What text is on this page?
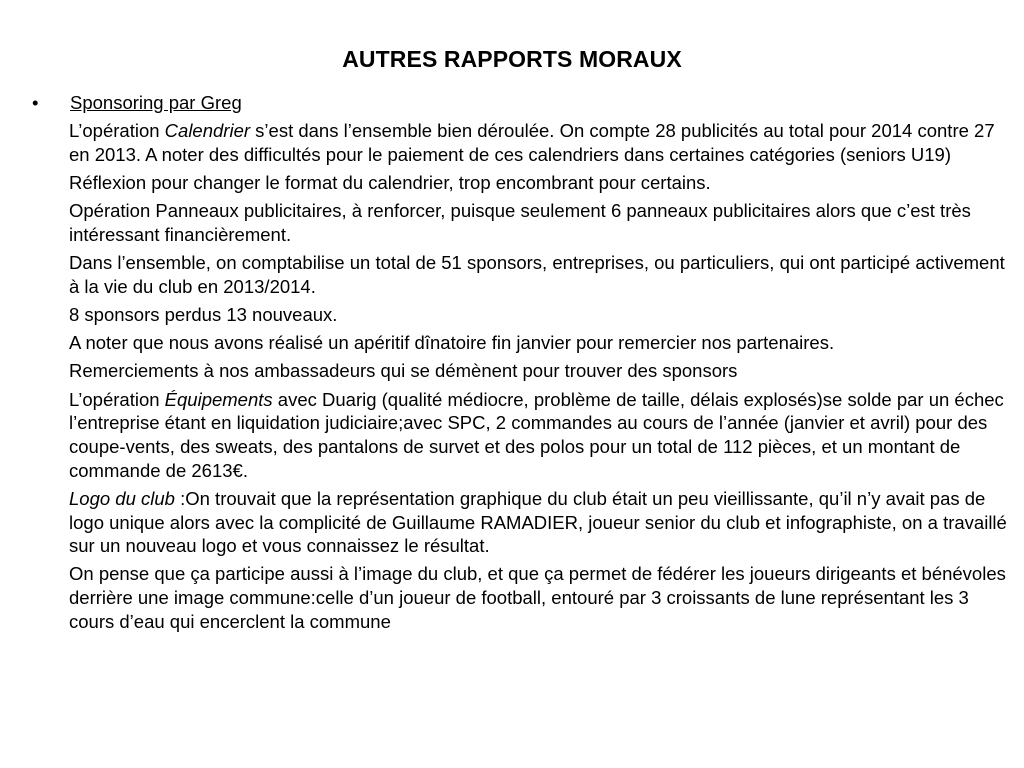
AUTRES RAPPORTS MORAUX
• Sponsoring par Greg

L’opération Calendrier s’est dans l’ensemble bien déroulée. On compte 28 publicités au total pour 2014 contre 27 en 2013. A noter des difficultés pour le paiement de ces calendriers dans certaines catégories (seniors U19)

Réflexion pour changer le format du calendrier, trop encombrant pour certains.

Opération Panneaux publicitaires, à renforcer, puisque seulement 6 panneaux publicitaires alors que c’est très intéressant financièrement.

Dans l’ensemble, on comptabilise un total de 51 sponsors, entreprises, ou particuliers, qui ont participé activement à la vie du club en 2013/2014.

8 sponsors perdus 13 nouveaux.

A noter que nous avons réalisé un apéritif dînatoire fin janvier pour remercier nos partenaires.

Remerciements à nos ambassadeurs qui se démènent pour trouver des sponsors

L’opération Équipements avec Duarig (qualité médiocre, problème de taille, délais explosés)se solde par un échec l’entreprise étant en liquidation judiciaire;avec SPC, 2 commandes au cours de l’année (janvier et avril) pour des coupe-vents, des sweats, des pantalons de survet et des polos pour un total de 112 pièces, et un montant de commande de 2613€.

Logo du club :On trouvait que la représentation graphique du club était un peu vieillissante, qu’il n’y avait pas de logo unique alors avec la complicité de Guillaume RAMADIER, joueur senior du club et infographiste, on a travaillé sur un nouveau logo et vous connaissez le résultat.

On pense que ça participe aussi à l’image du club, et que ça permet de fédérer les joueurs dirigeants et bénévoles derrière une image commune:celle d’un joueur de football, entouré par 3 croissants de lune représentant les 3 cours d’eau qui encerclent la commune
